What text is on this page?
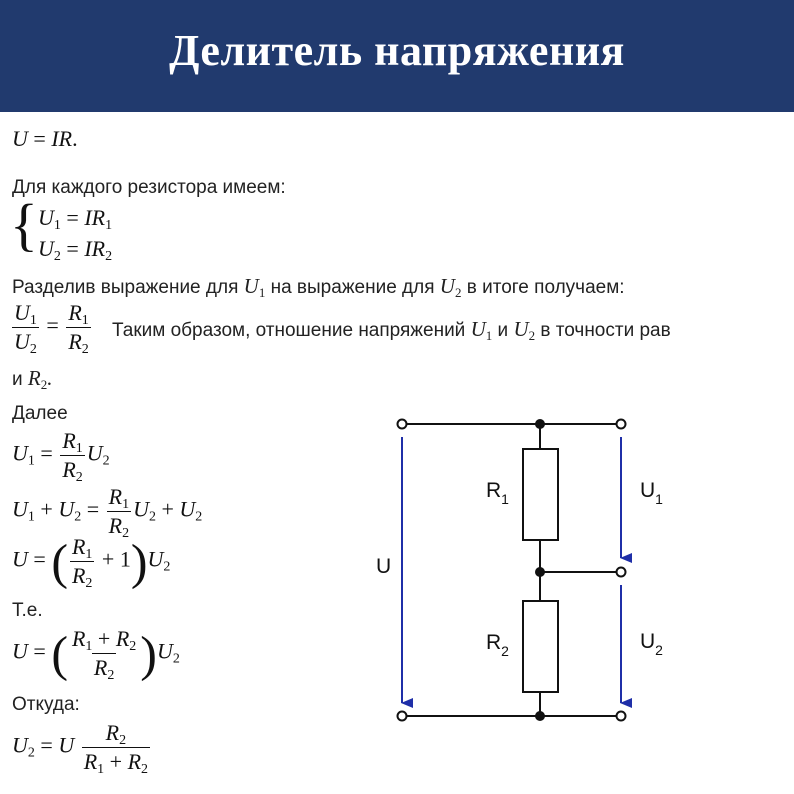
Делитель напряжения
U = IR.
Для каждого резистора имеем:
{ $U_1 = IR_1$
$U_2 = IR_2$
Разделив выражение для $U_1$ на выражение для $U_2$ в итоге получаем:
$\frac{U_1}{U_2} = \frac{R_1}{R_2}$ Таким образом, отношение напряжений $U_1$ и $U_2$ в точности рав
и $R_2$.
Далее
$U_1 = \frac{R_1}{R_2} U_2$
$U_1 + U_2 = \frac{R_1}{R_2} U_2 + U_2$
U = ( $\frac{R_1}{R_2} + 1)U_2$
Т.е.
U = ( $\frac{R_1 + R_2}{R_2} )U_2$
Откуда:
$U_2 = U \frac{R_2}{R_1 + R_2}$
$R_1$
$R_2$
U
$U_1$
$U_2$
